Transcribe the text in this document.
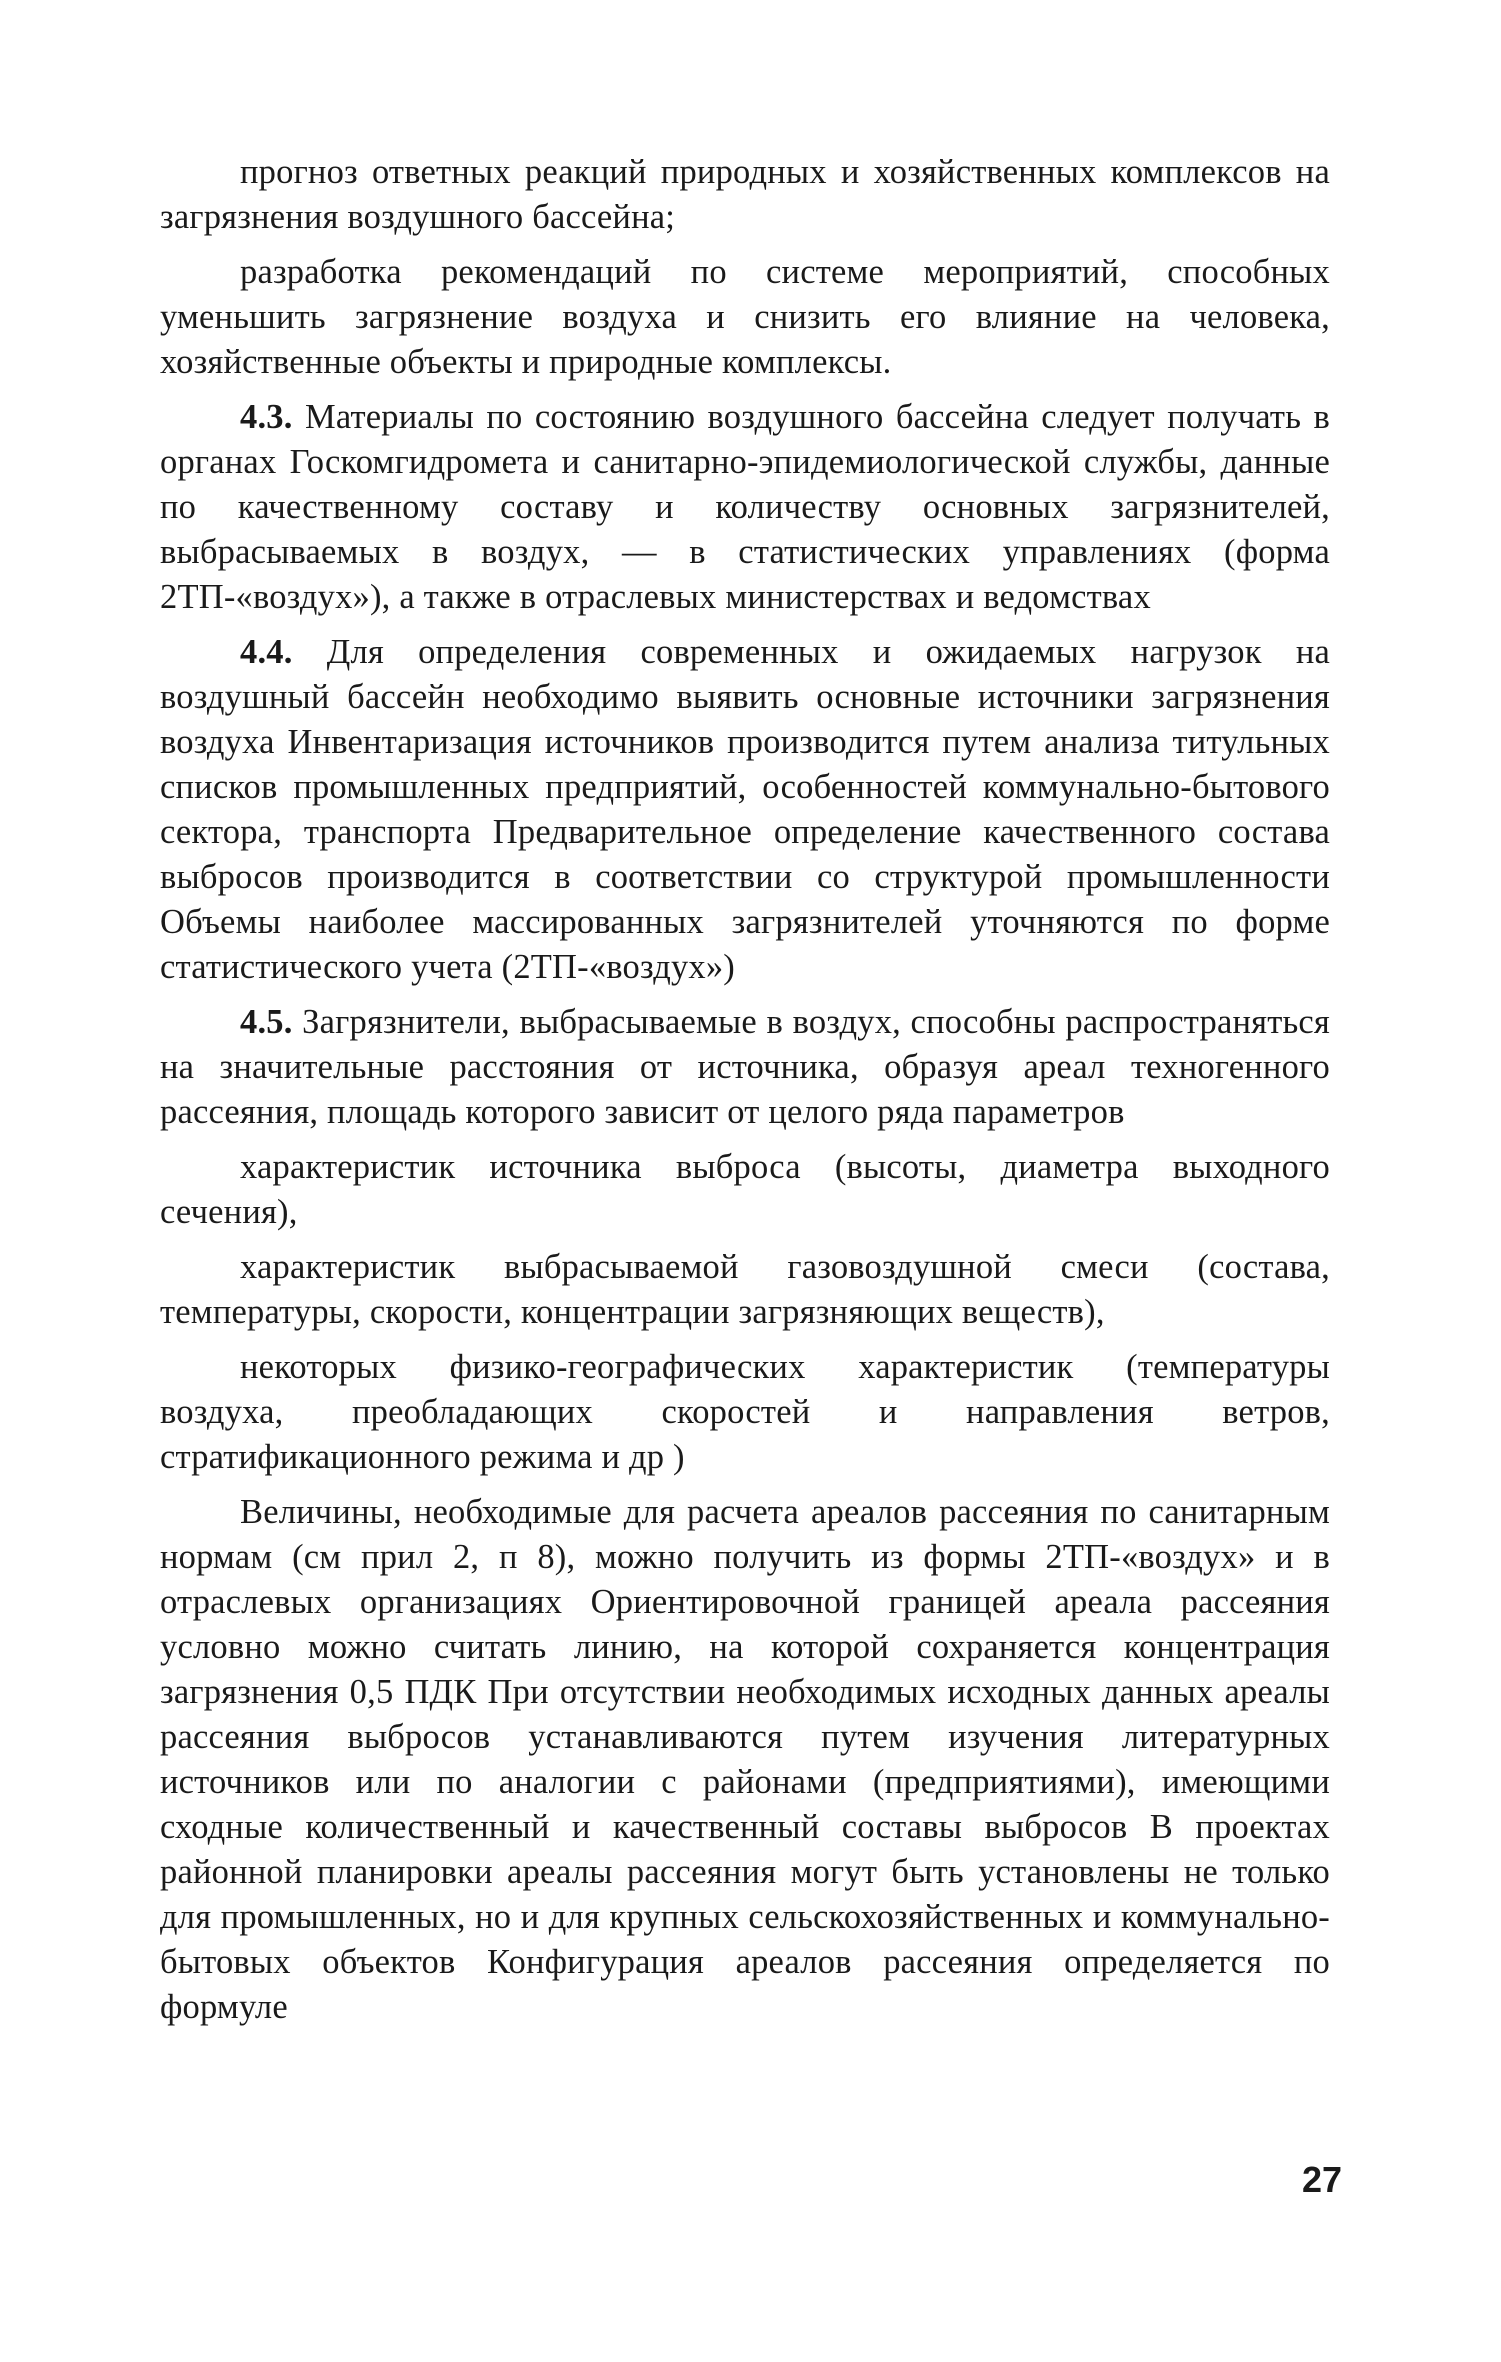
прогноз ответных реакций природных и хозяйственных комплексов на загрязнения воздушного бассейна;

разработка рекомендаций по системе мероприятий, способных уменьшить загрязнение воздуха и снизить его влияние на человека, хозяйственные объекты и природные комплексы.

4.3. Материалы по состоянию воздушного бассейна следует получать в органах Госкомгидромета и санитарно-эпидемиологической службы, данные по качественному составу и количеству основных загрязнителей, выбрасываемых в воздух, — в статистических управлениях (форма 2ТП-«воздух»), а также в отраслевых министерствах и ведомствах

4.4. Для определения современных и ожидаемых нагрузок на воздушный бассейн необходимо выявить основные источники загрязнения воздуха Инвентаризация источников производится путем анализа титульных списков промышленных предприятий, особенностей коммунально-бытового сектора, транспорта Предварительное определение качественного состава выбросов производится в соответствии со структурой промышленности Объемы наиболее массированных загрязнителей уточняются по форме статистического учета (2ТП-«воздух»)

4.5. Загрязнители, выбрасываемые в воздух, способны распространяться на значительные расстояния от источника, образуя ареал техногенного рассеяния, площадь которого зависит от целого ряда параметров

характеристик источника выброса (высоты, диаметра выходного сечения),

характеристик выбрасываемой газовоздушной смеси (состава, температуры, скорости, концентрации загрязняющих веществ),

некоторых физико-географических характеристик (температуры воздуха, преобладающих скоростей и направления ветров, стратификационного режима и др )

Величины, необходимые для расчета ареалов рассеяния по санитарным нормам (см прил 2, п 8), можно получить из формы 2ТП-«воздух» и в отраслевых организациях Ориентировочной границей ареала рассеяния условно можно считать линию, на которой сохраняется концентрация загрязнения 0,5 ПДК При отсутствии необходимых исходных данных ареалы рассеяния выбросов устанавливаются путем изучения литературных источников или по аналогии с районами (предприятиями), имеющими сходные количественный и качественный составы выбросов В проектах районной планировки ареалы рассеяния могут быть установлены не только для промышленных, но и для крупных сельскохозяйственных и коммунально-бытовых объектов Конфигурация ареалов рассеяния определяется по формуле

27
